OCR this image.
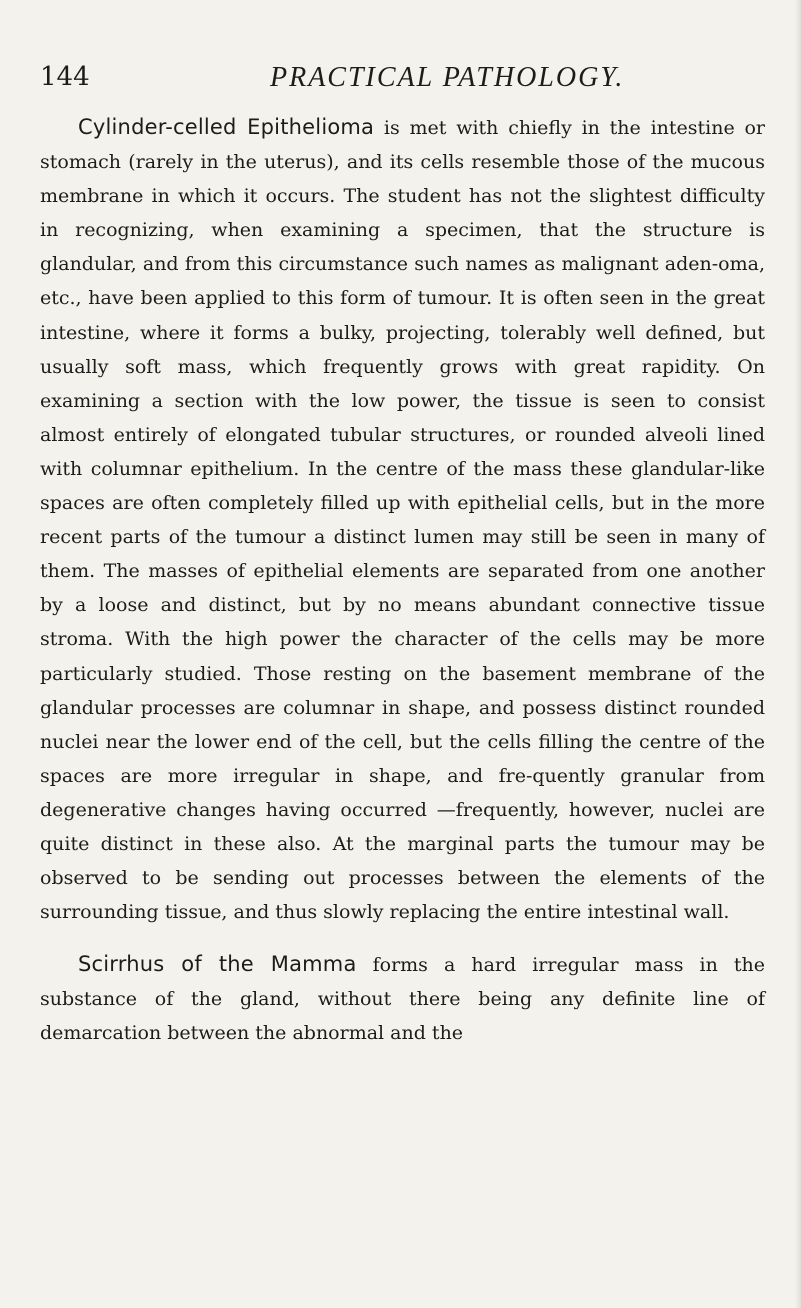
144	PRACTICAL PATHOLOGY.

Cylinder-celled Epithelioma is met with chiefly in the intestine or stomach (rarely in the uterus), and its cells resemble those of the mucous membrane in which it occurs. The student has not the slightest difficulty in recognizing, when examining a specimen, that the structure is glandular, and from this circumstance such names as malignant aden-oma, etc., have been applied to this form of tumour. It is often seen in the great intestine, where it forms a bulky, projecting, tolerably well defined, but usually soft mass, which frequently grows with great rapidity. On examining a section with the low power, the tissue is seen to consist almost entirely of elongated tubular structures, or rounded alveoli lined with columnar epithelium. In the centre of the mass these glandular-like spaces are often completely filled up with epithelial cells, but in the more recent parts of the tumour a distinct lumen may still be seen in many of them. The masses of epithelial elements are separated from one another by a loose and distinct, but by no means abundant connective tissue stroma. With the high power the character of the cells may be more particularly studied. Those resting on the basement membrane of the glandular processes are columnar in shape, and possess distinct rounded nuclei near the lower end of the cell, but the cells filling the centre of the spaces are more irregular in shape, and fre-quently granular from degenerative changes having occurred —frequently, however, nuclei are quite distinct in these also. At the marginal parts the tumour may be observed to be sending out processes between the elements of the surrounding tissue, and thus slowly replacing the entire intestinal wall.

Scirrhus of the Mamma forms a hard irregular mass in the substance of the gland, without there being any definite line of demarcation between the abnormal and the
